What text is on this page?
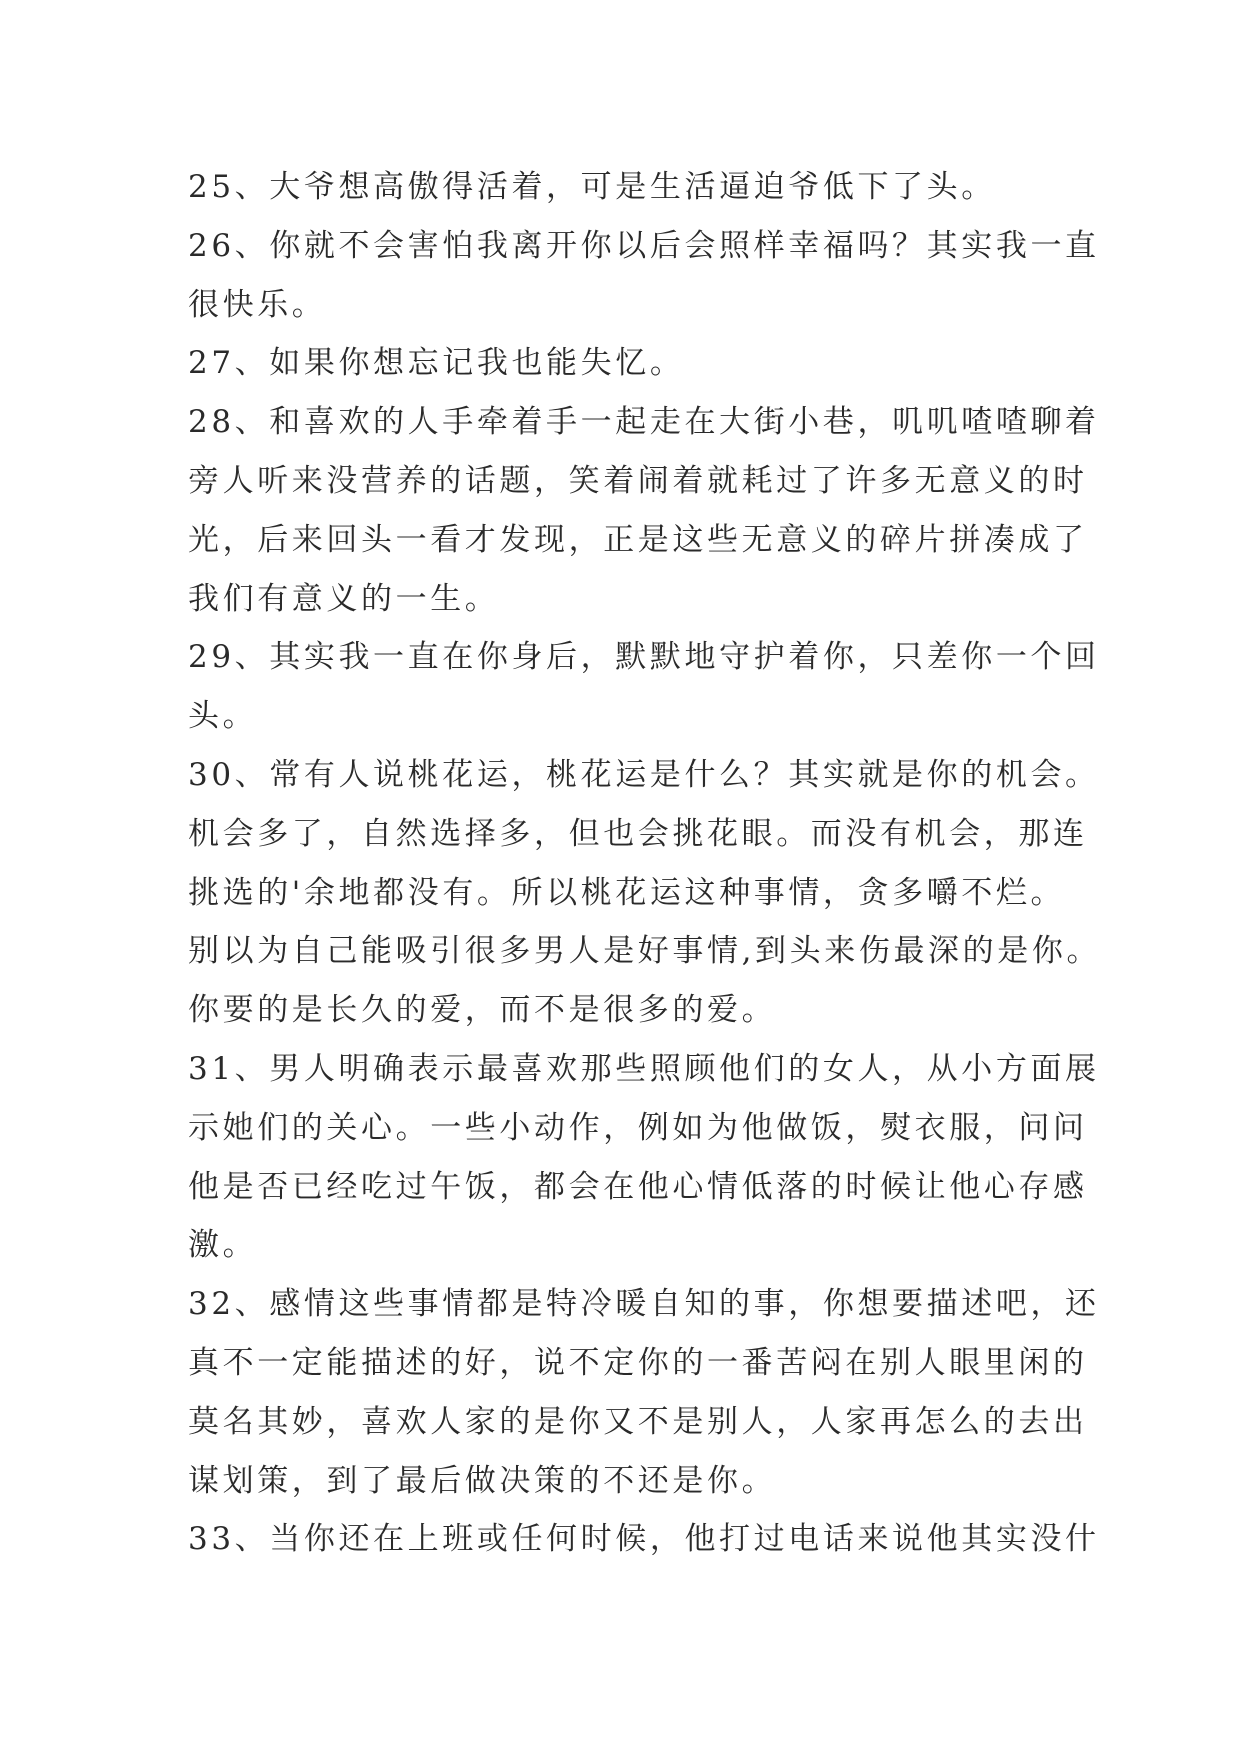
25、大爷想高傲得活着，可是生活逼迫爷低下了头。
26、你就不会害怕我离开你以后会照样幸福吗？其实我一直
很快乐。
27、如果你想忘记我也能失忆。
28、和喜欢的人手牵着手一起走在大街小巷，叽叽喳喳聊着
旁人听来没营养的话题，笑着闹着就耗过了许多无意义的时
光，后来回头一看才发现，正是这些无意义的碎片拼凑成了
我们有意义的一生。
29、其实我一直在你身后，默默地守护着你，只差你一个回
头。
30、常有人说桃花运，桃花运是什么？其实就是你的机会。
机会多了，自然选择多，但也会挑花眼。而没有机会，那连
挑选的'余地都没有。所以桃花运这种事情，贪多嚼不烂。
别以为自己能吸引很多男人是好事情,到头来伤最深的是你。
你要的是长久的爱，而不是很多的爱。
31、男人明确表示最喜欢那些照顾他们的女人，从小方面展
示她们的关心。一些小动作，例如为他做饭，熨衣服，问问
他是否已经吃过午饭，都会在他心情低落的时候让他心存感
激。
32、感情这些事情都是特冷暖自知的事，你想要描述吧，还
真不一定能描述的好，说不定你的一番苦闷在别人眼里闲的
莫名其妙，喜欢人家的是你又不是别人，人家再怎么的去出
谋划策，到了最后做决策的不还是你。
33、当你还在上班或任何时候，他打过电话来说他其实没什
